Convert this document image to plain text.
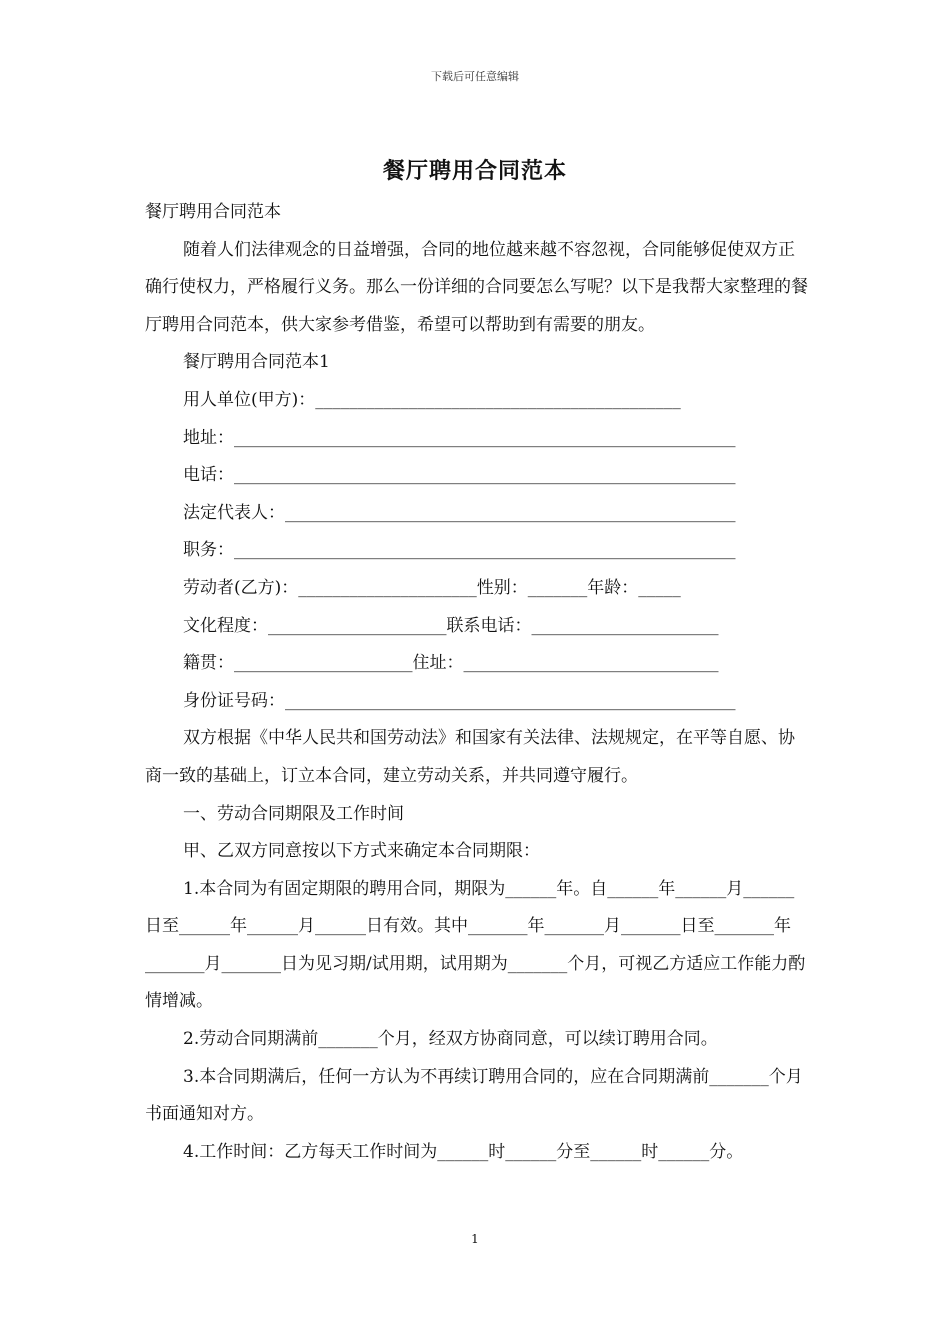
下载后可任意编辑
餐厅聘用合同范本

餐厅聘用合同范本

随着人们法律观念的日益增强，合同的地位越来越不容忽视，合同能够促使双方正确行使权力，严格履行义务。那么一份详细的合同要怎么写呢？以下是我帮大家整理的餐厅聘用合同范本，供大家参考借鉴，希望可以帮助到有需要的朋友。

餐厅聘用合同范本1

用人单位(甲方)：___________________________________________

地址：___________________________________________________________

电话：___________________________________________________________

法定代表人：_____________________________________________________

职务：___________________________________________________________

劳动者(乙方)：_____________________性别：_______年龄：_____

文化程度：_____________________联系电话：______________________

籍贯：_____________________住址：______________________________

身份证号码：_____________________________________________________

双方根据《中华人民共和国劳动法》和国家有关法律、法规规定，在平等自愿、协商一致的基础上，订立本合同，建立劳动关系，并共同遵守履行。

一、劳动合同期限及工作时间

甲、乙双方同意按以下方式来确定本合同期限：

1.本合同为有固定期限的聘用合同，期限为______年。自______年______月______日至______年______月______日有效。其中_______年_______月_______日至_______年_______月_______日为见习期/试用期，试用期为_______个月，可视乙方适应工作能力酌情增减。

2.劳动合同期满前_______个月，经双方协商同意，可以续订聘用合同。

3.本合同期满后，任何一方认为不再续订聘用合同的，应在合同期满前_______个月书面通知对方。

4.工作时间：乙方每天工作时间为______时______分至______时______分。

1
